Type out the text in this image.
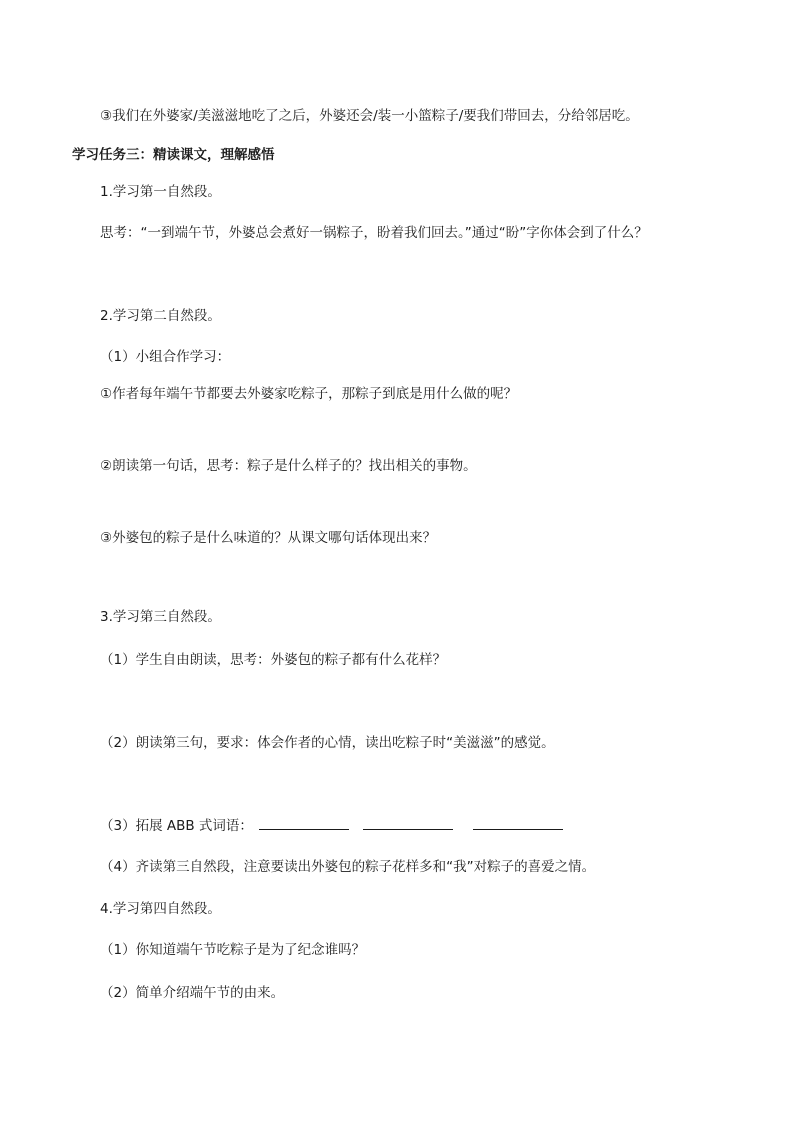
③我们在外婆家/美滋滋地吃了之后，外婆还会/装一小篮粽子/要我们带回去，分给邻居吃。
学习任务三：精读课文，理解感悟
1.学习第一自然段。
思考：“一到端午节，外婆总会煮好一锅粽子，盼着我们回去。”通过“盼”字你体会到了什么？
2.学习第二自然段。
（1）小组合作学习：
①作者每年端午节都要去外婆家吃粽子，那粽子到底是用什么做的呢？
②朗读第一句话，思考：粽子是什么样子的？找出相关的事物。
③外婆包的粽子是什么味道的？从课文哪句话体现出来？
3.学习第三自然段。
（1）学生自由朗读，思考：外婆包的粽子都有什么花样？
（2）朗读第三句，要求：体会作者的心情，读出吃粽子时“美滋滋”的感觉。
（3）拓展 ABB 式词语：
（4）齐读第三自然段，注意要读出外婆包的粽子花样多和“我”对粽子的喜爱之情。
4.学习第四自然段。
（1）你知道端午节吃粽子是为了纪念谁吗？
（2）简单介绍端午节的由来。
